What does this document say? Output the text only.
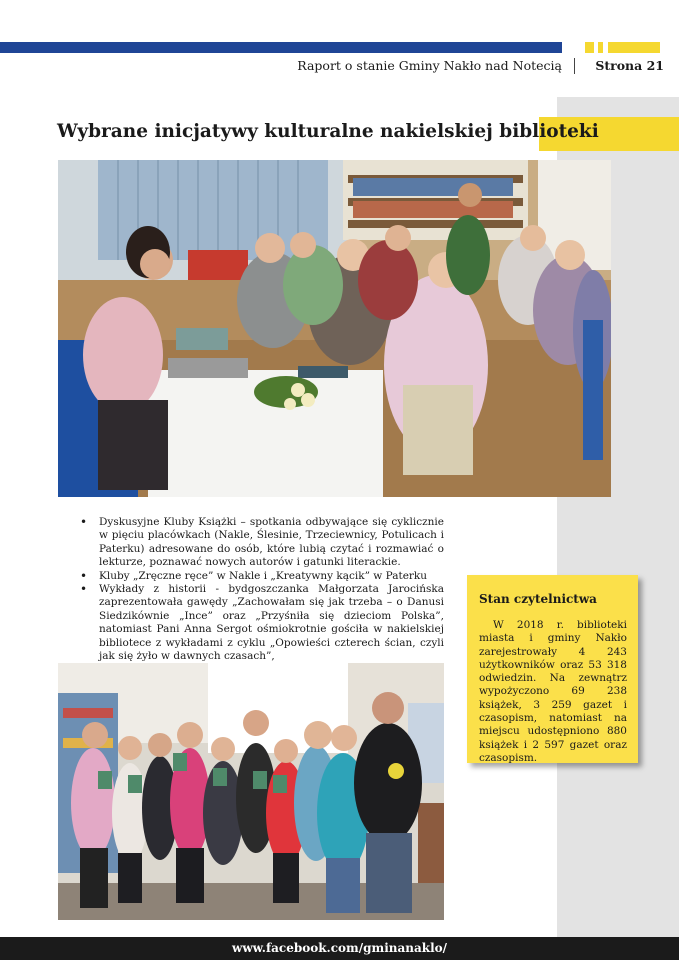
Raport o stanie Gminy Nakło nad Notecią	Strona 21
Wybrane inicjatywy kulturalne nakielskiej biblioteki
• Dyskusyjne Kluby Książki – spotkania odbywające się cyklicznie w pięciu placówkach (Nakle, Ślesinie, Trzeciewnicy, Potulicach i Paterku) adresowane do osób, które lubią czytać i rozmawiać o lekturze, poznawać nowych autorów i gatunki literackie.
• Kluby „Zręczne ręce” w Nakle i „Kreatywny kącik” w Paterku
• Wykłady z historii - bydgoszczanka Małgorzata Jarocińska zaprezentowała gawędy „Zachowałam się jak trzeba – o Danusi Siedzikównie „Ince” oraz „Przyśniła się dzieciom Polska”, natomiast Pani Anna Sergot ośmiokrotnie gościła w nakielskiej bibliotece z wykładami z cyklu „Opowieści czterech ścian, czyli jak się żyło w dawnych czasach”,
Stan czytelnictwa
W 2018 r. biblioteki miasta i gminy Nakło zarejestrowały 4 243 użytkowników oraz 53 318 odwiedzin. Na zewnątrz wypożyczono 69 238 książek, 3 259 gazet i czasopism, natomiast na miejscu udostępniono 880 książek i 2 597 gazet oraz czasopism.
www.facebook.com/gminanaklo/
